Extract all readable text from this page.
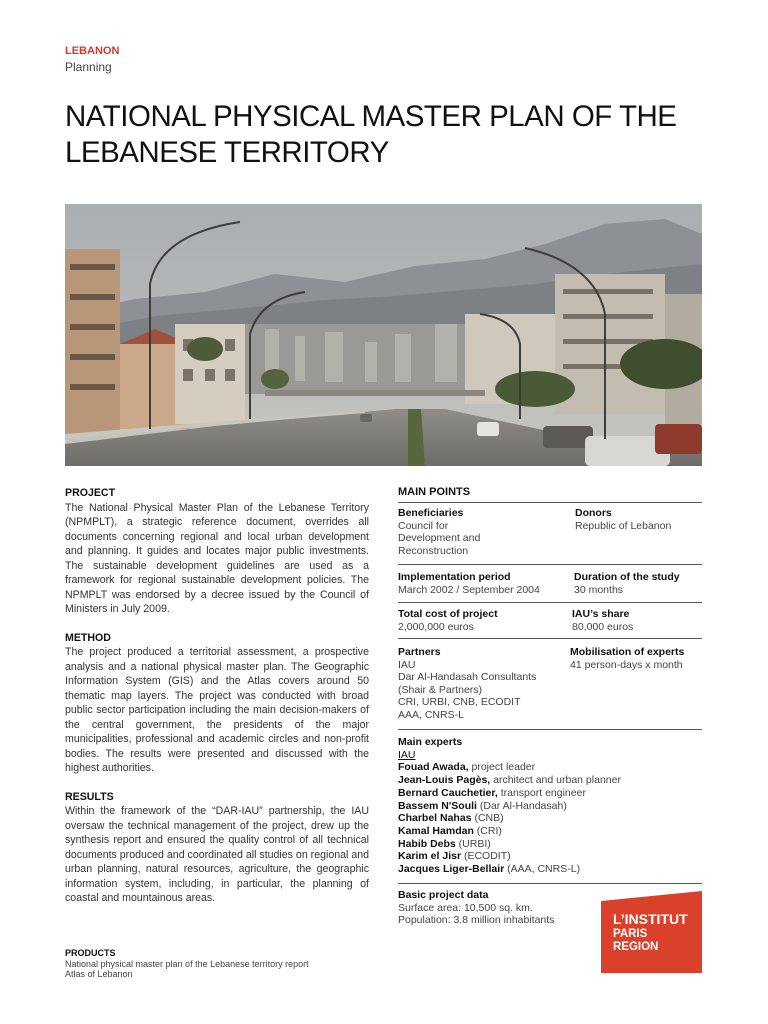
LEBANON
Planning
NATIONAL PHYSICAL MASTER PLAN OF THE LEBANESE TERRITORY
PROJECT

The National Physical Master Plan of the Lebanese Territory (NPMPLT), a strategic reference document, overrides all documents concerning regional and local urban development and planning. It guides and locates major public investments. The sustainable development guidelines are used as a framework for regional sustainable development policies. The NPMPLT was endorsed by a decree issued by the Council of Ministers in July 2009.

METHOD

The project produced a territorial assessment, a prospective analysis and a national physical master plan. The Geographic Information System (GIS) and the Atlas covers around 50 thematic map layers. The project was conducted with broad public sector participation including the main decision-makers of the central government, the presidents of the major municipalities, professional and academic circles and non-profit bodies. The results were presented and discussed with the highest authorities.

RESULTS

Within the framework of the “DAR-IAU” partnership, the IAU oversaw the technical management of the project, drew up the synthesis report and ensured the quality control of all technical documents produced and coordinated all studies on regional and urban planning, natural resources, agriculture, the geographic information system, including, in particular, the planning of coastal and mountainous areas.

PRODUCTS
National physical master plan of the Lebanese territory report
Atlas of Lebanon
MAIN POINTS
Beneficiaries
Council for
Development and
Reconstruction
Donors
Republic of Lebanon
Implementation period
March 2002 / September 2004
Duration of the study
30 months
Total cost of project
2,000,000 euros
IAU’s share
80,000 euros
Partners
IAU
Dar Al-Handasah Consultants
(Shair & Partners)
CRI, URBI, CNB, ECODIT
AAA, CNRS-L
Mobilisation of experts
41 person-days x month
Main experts
IAU
Fouad Awada, project leader
Jean-Louis Pagès, architect and urban planner
Bernard Cauchetier, transport engineer
Bassem N'Souli (Dar Al-Handasah)
Charbel Nahas (CNB)
Kamal Hamdan (CRI)
Habib Debs (URBI)
Karim el Jisr (ECODIT)
Jacques Liger-Bellair (AAA, CNRS-L)
Basic project data
Surface area: 10,500 sq. km.
Population: 3.8 million inhabitants	L’INSTITUT
PARIS
REGION
